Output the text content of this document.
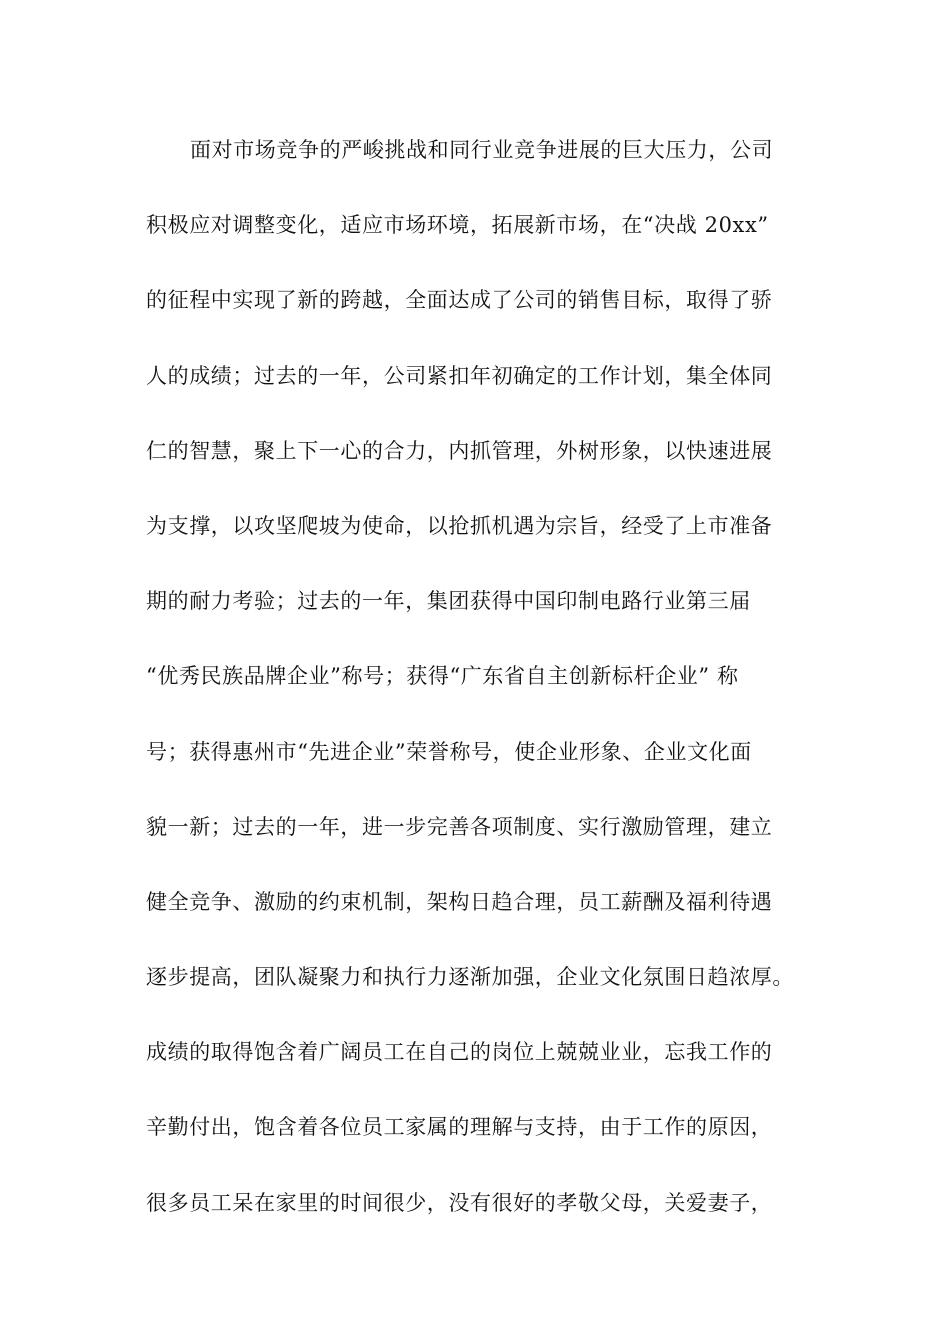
面对市场竞争的严峻挑战和同行业竞争进展的巨大压力，公司
积极应对调整变化，适应市场环境，拓展新市场，在“决战 20xx”
的征程中实现了新的跨越，全面达成了公司的销售目标，取得了骄
人的成绩；过去的一年，公司紧扣年初确定的工作计划，集全体同
仁的智慧，聚上下一心的合力，内抓管理，外树形象，以快速进展
为支撑，以攻坚爬坡为使命，以抢抓机遇为宗旨，经受了上市准备
期的耐力考验；过去的一年，集团获得中国印制电路行业第三届
“优秀民族品牌企业”称号；获得“广东省自主创新标杆企业” 称
号；获得惠州市“先进企业”荣誉称号，使企业形象、企业文化面
貌一新；过去的一年，进一步完善各项制度、实行激励管理，建立
健全竞争、激励的约束机制，架构日趋合理，员工薪酬及福利待遇
逐步提高，团队凝聚力和执行力逐渐加强，企业文化氛围日趋浓厚。
成绩的取得饱含着广阔员工在自己的岗位上兢兢业业，忘我工作的
辛勤付出，饱含着各位员工家属的理解与支持，由于工作的原因，
很多员工呆在家里的时间很少，没有很好的孝敬父母，关爱妻子，
